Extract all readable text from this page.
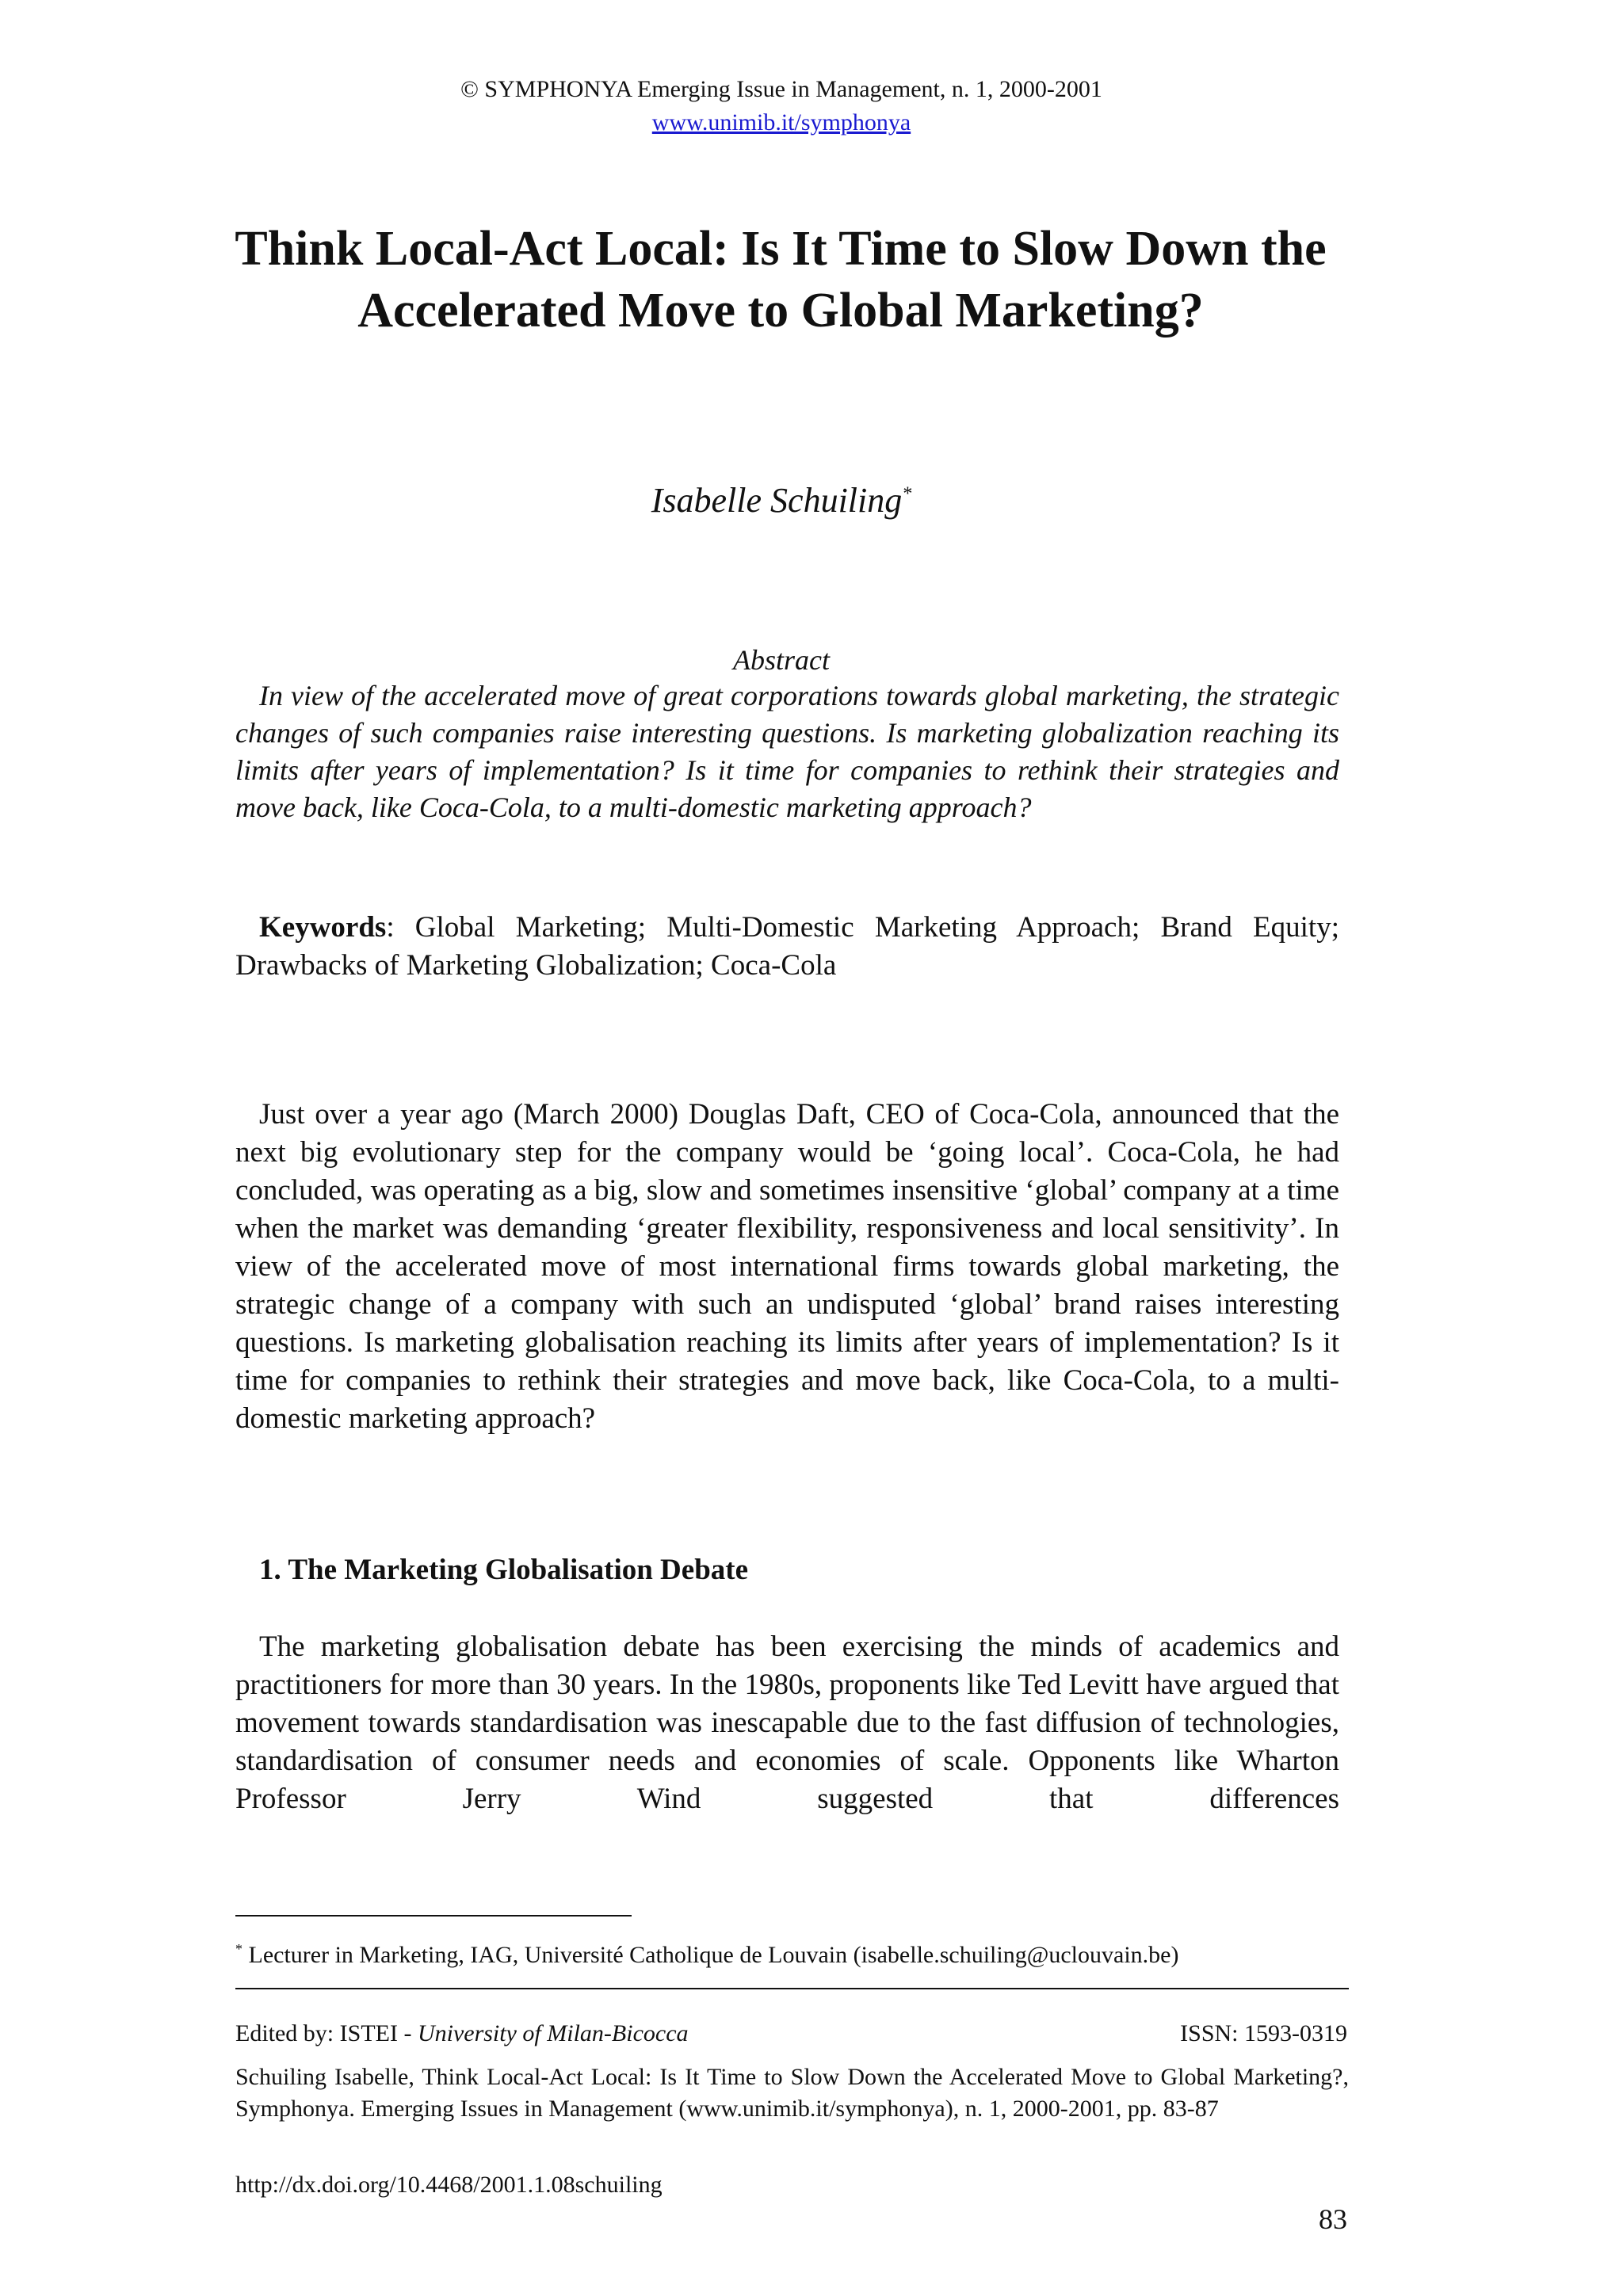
© SYMPHONYA Emerging Issue in Management, n. 1, 2000-2001
www.unimib.it/symphonya
Think Local-Act Local: Is It Time to Slow Down the Accelerated Move to Global Marketing?
Isabelle Schuiling*
Abstract
In view of the accelerated move of great corporations towards global marketing, the strategic changes of such companies raise interesting questions. Is marketing globalization reaching its limits after years of implementation? Is it time for companies to rethink their strategies and move back, like Coca-Cola, to a multi-domestic marketing approach?
Keywords: Global Marketing; Multi-Domestic Marketing Approach; Brand Equity; Drawbacks of Marketing Globalization; Coca-Cola
Just over a year ago (March 2000) Douglas Daft, CEO of Coca-Cola, announced that the next big evolutionary step for the company would be ‘going local’. Coca-Cola, he had concluded, was operating as a big, slow and sometimes insensitive ‘global’ company at a time when the market was demanding ‘greater flexibility, responsiveness and local sensitivity’. In view of the accelerated move of most international firms towards global marketing, the strategic change of a company with such an undisputed ‘global’ brand raises interesting questions. Is marketing globalisation reaching its limits after years of implementation? Is it time for companies to rethink their strategies and move back, like Coca-Cola, to a multi-domestic marketing approach?
1. The Marketing Globalisation Debate
The marketing globalisation debate has been exercising the minds of academics and practitioners for more than 30 years. In the 1980s, proponents like Ted Levitt have argued that movement towards standardisation was inescapable due to the fast diffusion of technologies, standardisation of consumer needs and economies of scale. Opponents like Wharton Professor Jerry Wind suggested that differences
* Lecturer in Marketing, IAG, Université Catholique de Louvain (isabelle.schuiling@uclouvain.be)
Edited by: ISTEI - University of Milan-Bicocca	ISSN: 1593-0319
Schuiling Isabelle, Think Local-Act Local: Is It Time to Slow Down the Accelerated Move to Global Marketing?, Symphonya. Emerging Issues in Management (www.unimib.it/symphonya), n. 1, 2000-2001, pp. 83-87
http://dx.doi.org/10.4468/2001.1.08schuiling
83
